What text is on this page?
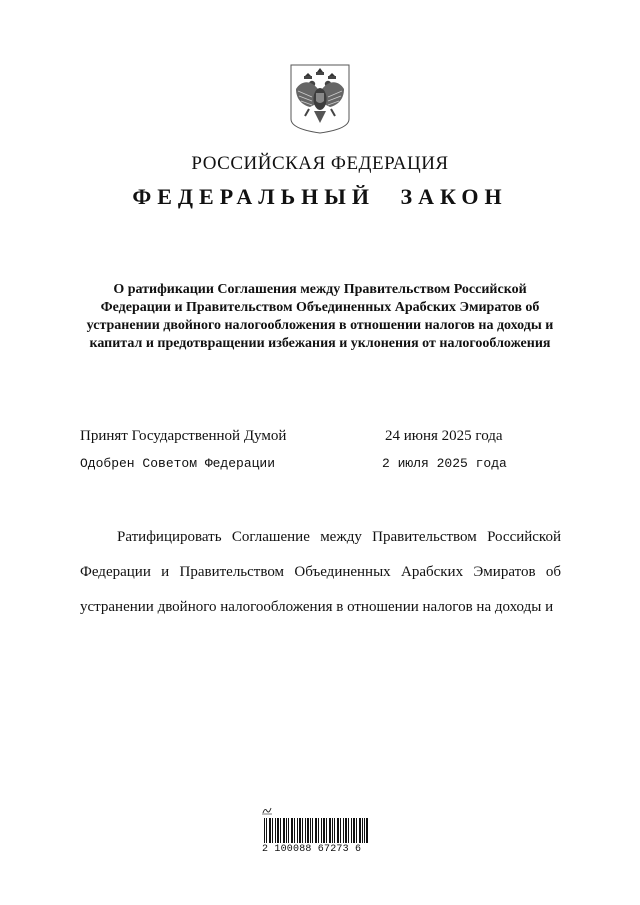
РОССИЙСКАЯ ФЕДЕРАЦИЯ
ФЕДЕРАЛЬНЫЙ ЗАКОН
О ратификации Соглашения между Правительством Российской Федерации и Правительством Объединенных Арабских Эмиратов об устранении двойного налогообложения в отношении налогов на доходы и капитал и предотвращении избежания и уклонения от налогообложения
Принят Государственной Думой	24 июня 2025 года
Одобрен Советом Федерации	2 июля 2025 года
Ратифицировать Соглашение между Правительством Российской Федерации и Правительством Объединенных Арабских Эмиратов об устранении двойного налогообложения в отношении налогов на доходы и
2 100088 67273 6
